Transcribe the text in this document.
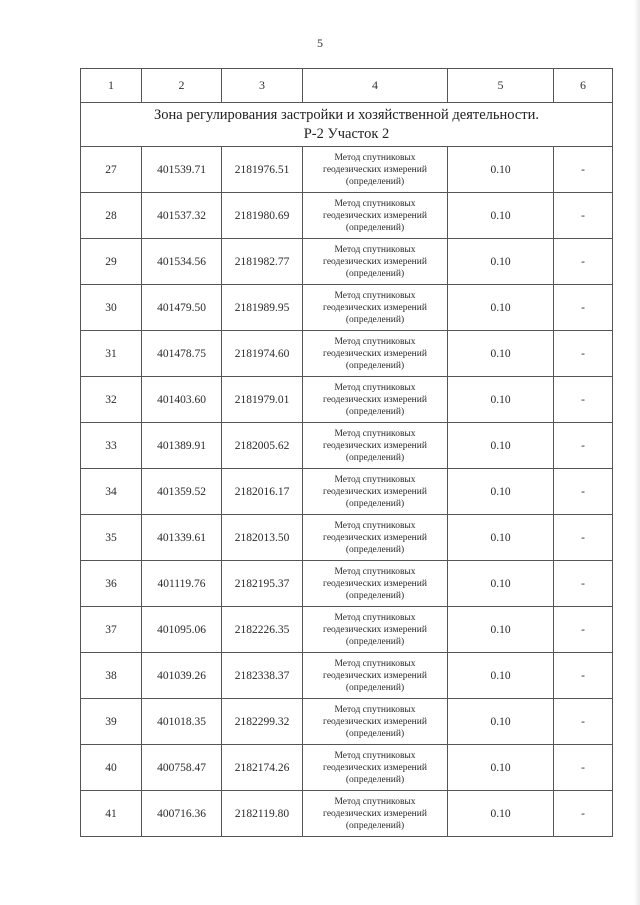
5
1	2	3	4	5	6
Зона регулирования застройки и хозяйственной деятельности.
Р-2 Участок 2					
27	401539.71	2181976.51	Метод спутниковых
геодезических измерений
(определений)	0.10	-
28	401537.32	2181980.69	Метод спутниковых
геодезических измерений
(определений)	0.10	-
29	401534.56	2181982.77	Метод спутниковых
геодезических измерений
(определений)	0.10	-
30	401479.50	2181989.95	Метод спутниковых
геодезических измерений
(определений)	0.10	-
31	401478.75	2181974.60	Метод спутниковых
геодезических измерений
(определений)	0.10	-
32	401403.60	2181979.01	Метод спутниковых
геодезических измерений
(определений)	0.10	-
33	401389.91	2182005.62	Метод спутниковых
геодезических измерений
(определений)	0.10	-
34	401359.52	2182016.17	Метод спутниковых
геодезических измерений
(определений)	0.10	-
35	401339.61	2182013.50	Метод спутниковых
геодезических измерений
(определений)	0.10	-
36	401119.76	2182195.37	Метод спутниковых
геодезических измерений
(определений)	0.10	-
37	401095.06	2182226.35	Метод спутниковых
геодезических измерений
(определений)	0.10	-
38	401039.26	2182338.37	Метод спутниковых
геодезических измерений
(определений)	0.10	-
39	401018.35	2182299.32	Метод спутниковых
геодезических измерений
(определений)	0.10	-
40	400758.47	2182174.26	Метод спутниковых
геодезических измерений
(определений)	0.10	-
41	400716.36	2182119.80	Метод спутниковых
геодезических измерений
(определений)	0.10	-
